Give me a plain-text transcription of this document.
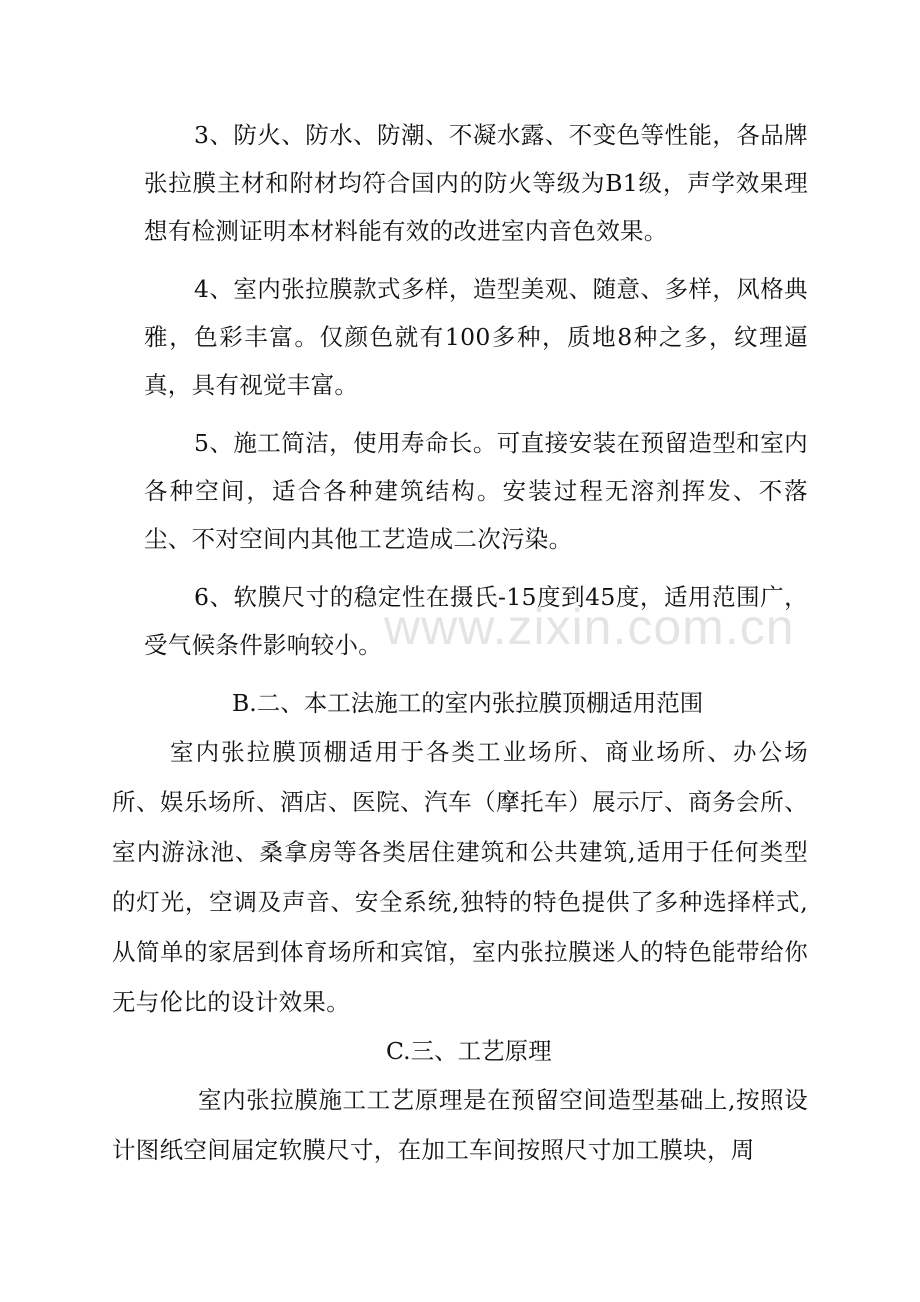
3、防火、防水、防潮、不凝水露、不变色等性能，各品牌张拉膜主材和附材均符合国内的防火等级为B1级，声学效果理想有检测证明本材料能有效的改进室内音色效果。

4、室内张拉膜款式多样，造型美观、随意、多样，风格典雅，色彩丰富。仅颜色就有100多种，质地8种之多，纹理逼真，具有视觉丰富。

5、施工简洁，使用寿命长。可直接安装在预留造型和室内各种空间，适合各种建筑结构。安装过程无溶剂挥发、不落尘、不对空间内其他工艺造成二次污染。

6、软膜尺寸的稳定性在摄氏-15度到45度，适用范围广，受气候条件影响较小。 www.zixin.com.cn
B.二、本工法施工的室内张拉膜顶棚适用范围

室内张拉膜顶棚适用于各类工业场所、商业场所、办公场所、娱乐场所、酒店、医院、汽车（摩托车）展示厅、商务会所、室内游泳池、桑拿房等各类居住建筑和公共建筑,适用于任何类型的灯光，空调及声音、安全系统,独特的特色提供了多种选择样式,从简单的家居到体育场所和宾馆，室内张拉膜迷人的特色能带给你无与伦比的设计效果。

C.三、工艺原理

室内张拉膜施工工艺原理是在预留空间造型基础上,按照设计图纸空间届定软膜尺寸，在加工车间按照尺寸加工膜块，周
